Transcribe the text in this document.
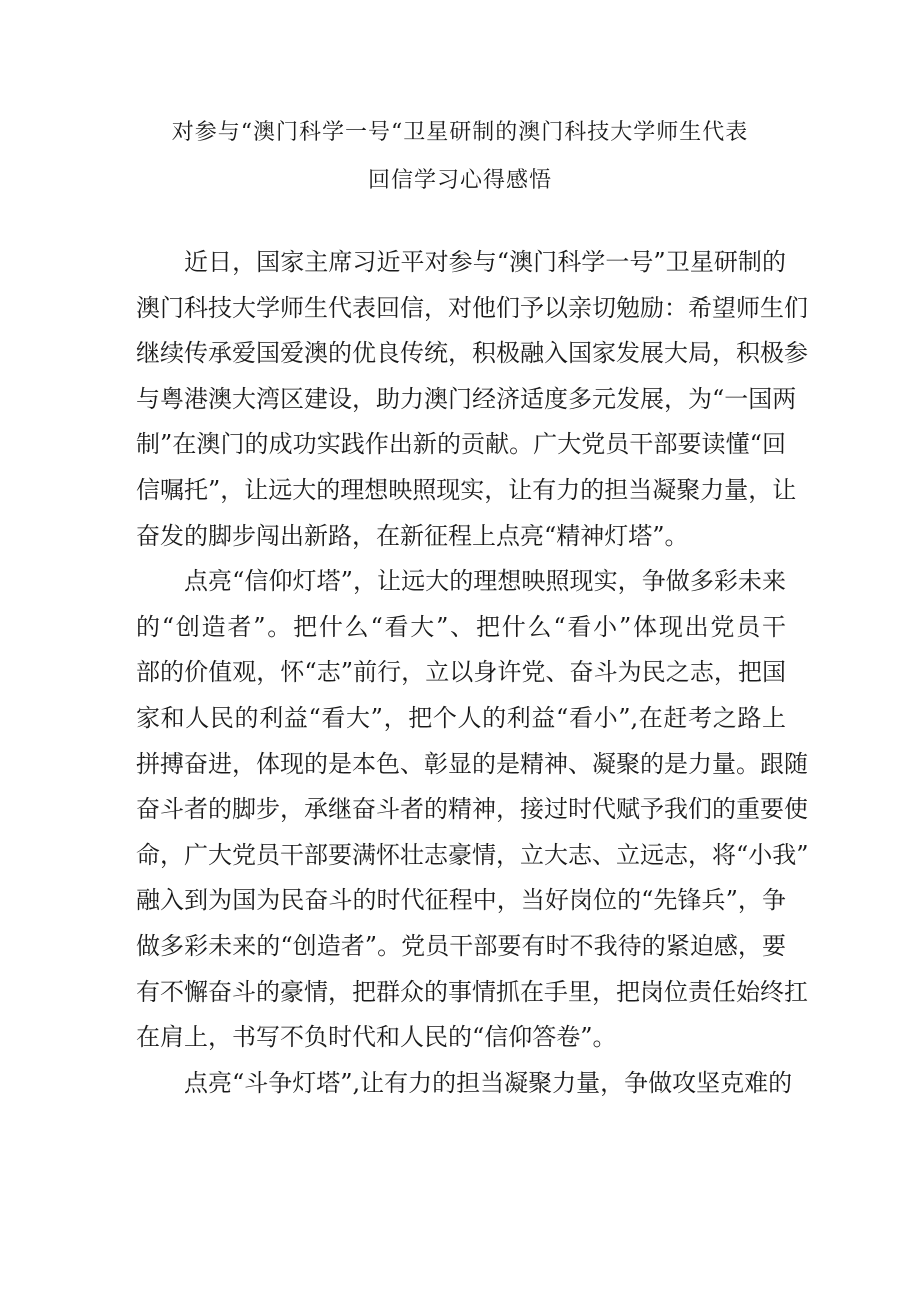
对参与“澳门科学一号“卫星研制的澳门科技大学师生代表
回信学习心得感悟
近日，国家主席习近平对参与“澳门科学一号”卫星研制的
澳门科技大学师生代表回信，对他们予以亲切勉励：希望师生们
继续传承爱国爱澳的优良传统，积极融入国家发展大局，积极参
与粤港澳大湾区建设，助力澳门经济适度多元发展，为“一国两
制”在澳门的成功实践作出新的贡献。广大党员干部要读懂“回
信嘱托”，让远大的理想映照现实，让有力的担当凝聚力量，让
奋发的脚步闯出新路，在新征程上点亮“精神灯塔”。
点亮“信仰灯塔”，让远大的理想映照现实，争做多彩未来
的“创造者”。把什么“看大”、把什么“看小”体现出党员干
部的价值观，怀“志”前行，立以身许党、奋斗为民之志，把国
家和人民的利益“看大”，把个人的利益“看小”,在赶考之路上
拼搏奋进，体现的是本色、彰显的是精神、凝聚的是力量。跟随
奋斗者的脚步，承继奋斗者的精神，接过时代赋予我们的重要使
命，广大党员干部要满怀壮志豪情，立大志、立远志，将“小我”
融入到为国为民奋斗的时代征程中，当好岗位的“先锋兵”，争
做多彩未来的“创造者”。党员干部要有时不我待的紧迫感，要
有不懈奋斗的豪情，把群众的事情抓在手里，把岗位责任始终扛
在肩上，书写不负时代和人民的“信仰答卷”。
点亮“斗争灯塔”,让有力的担当凝聚力量，争做攻坚克难的
